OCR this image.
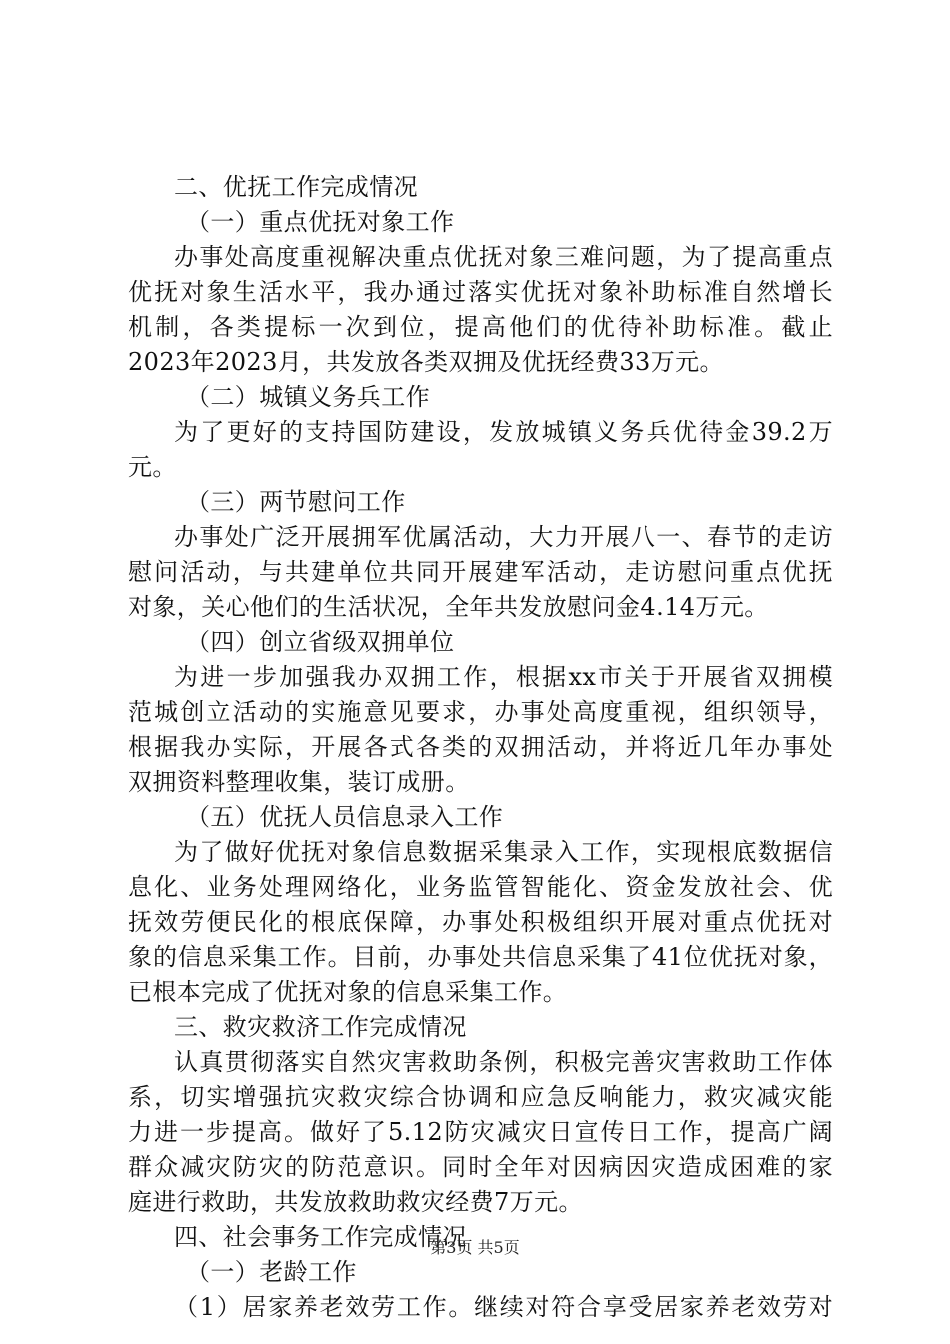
二、优抚工作完成情况
（一）重点优抚对象工作
办事处高度重视解决重点优抚对象三难问题，为了提高重点
优抚对象生活水平，我办通过落实优抚对象补助标准自然增长
机制，各类提标一次到位，提高他们的优待补助标准。截止
2023年2023月，共发放各类双拥及优抚经费33万元。
（二）城镇义务兵工作
为了更好的支持国防建设，发放城镇义务兵优待金39.2万
元。
（三）两节慰问工作
办事处广泛开展拥军优属活动，大力开展八一、春节的走访
慰问活动，与共建单位共同开展建军活动，走访慰问重点优抚
对象，关心他们的生活状况，全年共发放慰问金4.14万元。
（四）创立省级双拥单位
为进一步加强我办双拥工作，根据xx市关于开展省双拥模
范城创立活动的实施意见要求，办事处高度重视，组织领导，
根据我办实际，开展各式各类的双拥活动，并将近几年办事处
双拥资料整理收集，装订成册。
（五）优抚人员信息录入工作
为了做好优抚对象信息数据采集录入工作，实现根底数据信
息化、业务处理网络化，业务监管智能化、资金发放社会、优
抚效劳便民化的根底保障，办事处积极组织开展对重点优抚对
象的信息采集工作。目前，办事处共信息采集了41位优抚对象，
已根本完成了优抚对象的信息采集工作。
三、救灾救济工作完成情况
认真贯彻落实自然灾害救助条例，积极完善灾害救助工作体
系，切实增强抗灾救灾综合协调和应急反响能力，救灾减灾能
力进一步提高。做好了5.12防灾减灾日宣传日工作，提高广阔
群众减灾防灾的防范意识。同时全年对因病因灾造成困难的家
庭进行救助，共发放救助救灾经费7万元。
四、社会事务工作完成情况
（一）老龄工作
（1）居家养老效劳工作。继续对符合享受居家养老效劳对
第3页 共5页
